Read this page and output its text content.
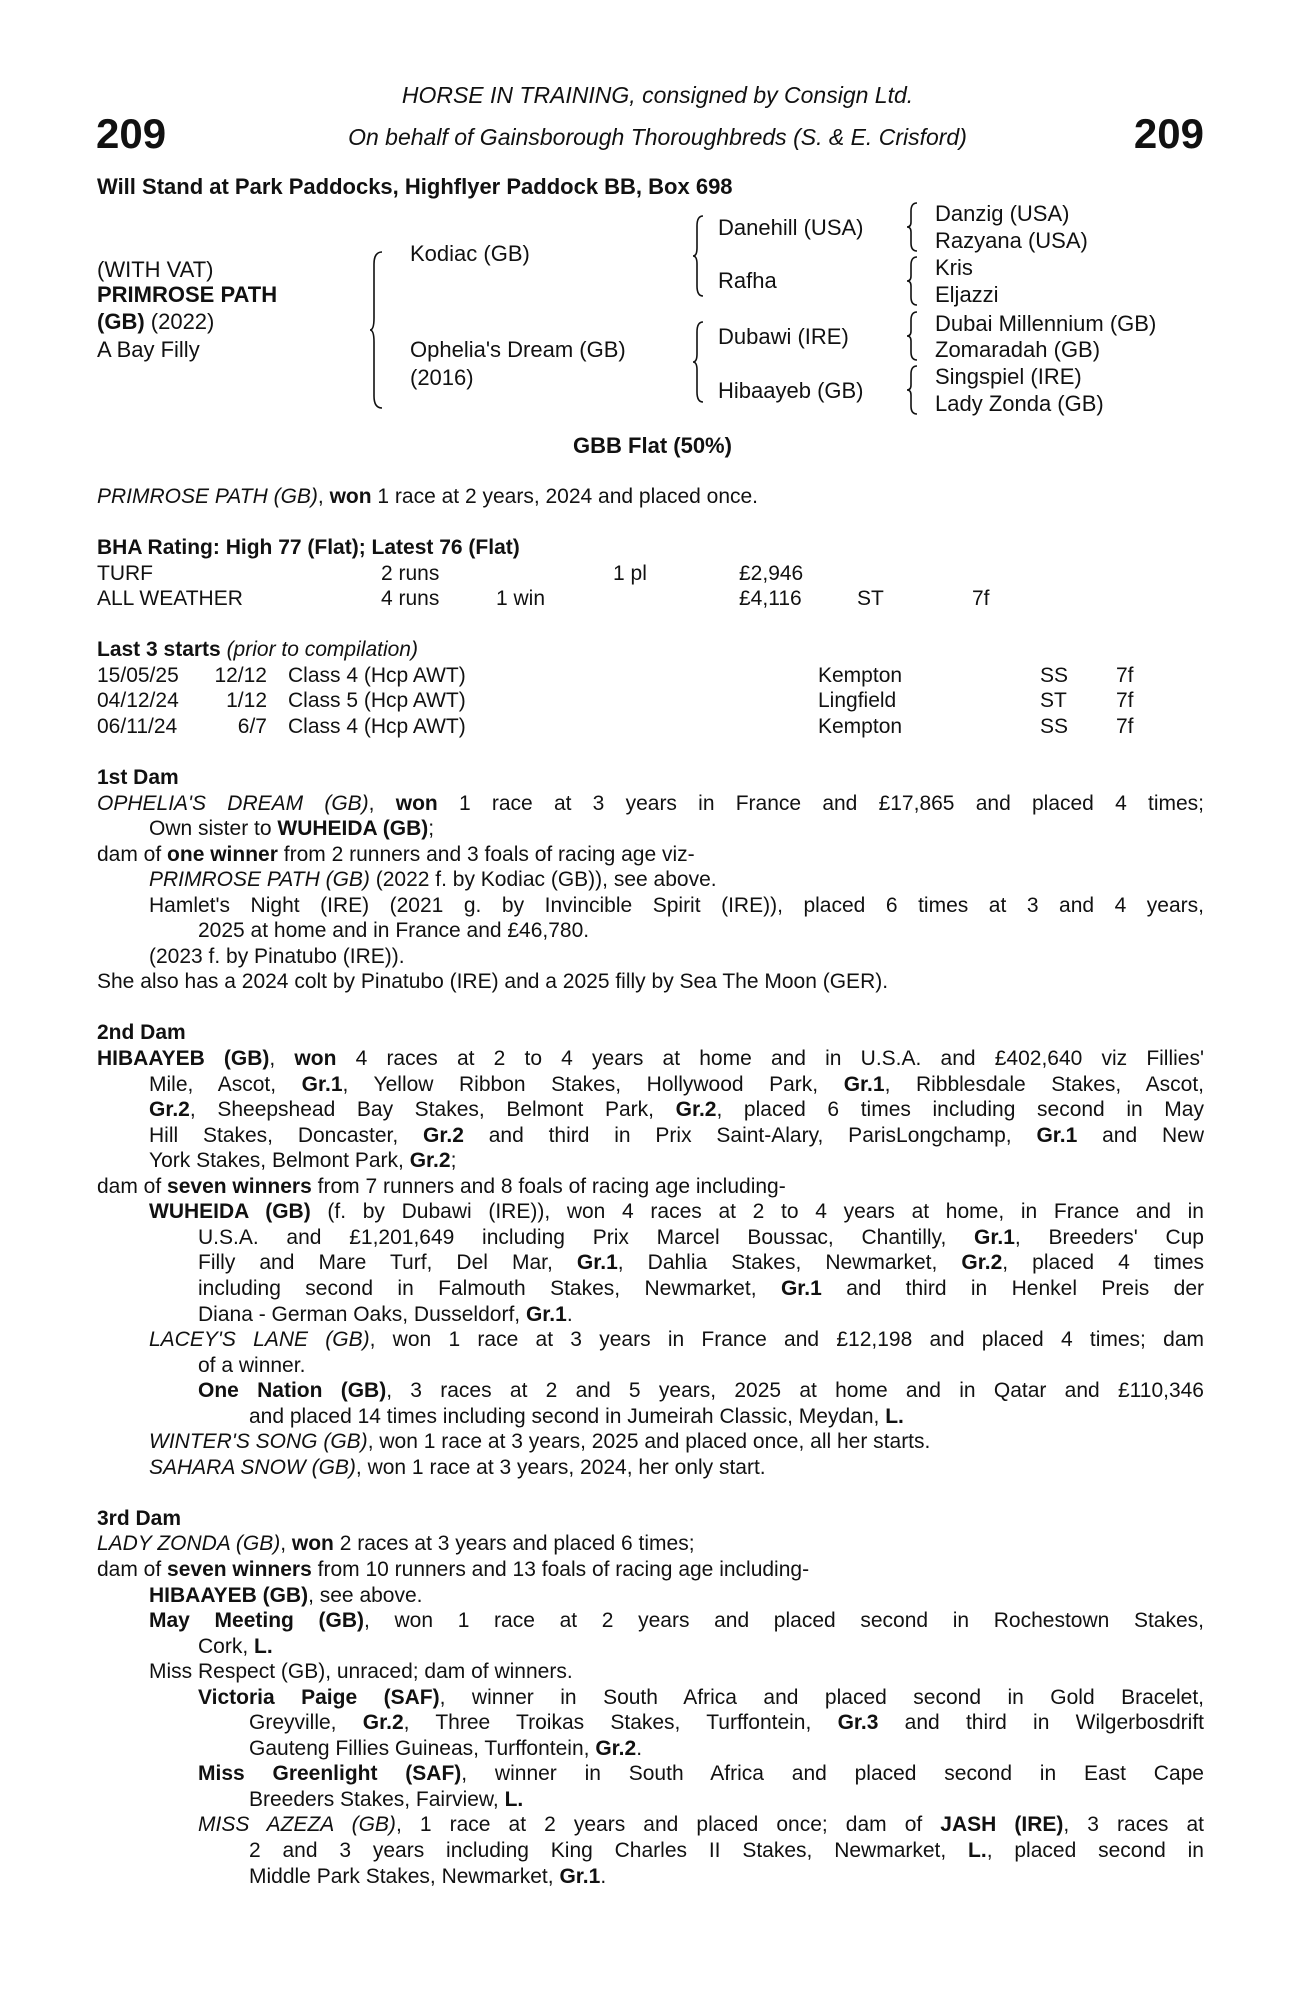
HORSE IN TRAINING, consigned by Consign Ltd.
On behalf of Gainsborough Thoroughbreds (S. & E. Crisford)
209	209
Will Stand at Park Paddocks, Highflyer Paddock BB, Box 698
(WITH VAT)
PRIMROSE PATH
(GB) (2022)
A Bay Filly
Kodiac (GB)
Ophelia's Dream (GB)
(2016)
Danehill (USA)
Rafha
Dubawi (IRE)
Hibaayeb (GB)
Danzig (USA)
Razyana (USA)
Kris
Eljazzi
Dubai Millennium (GB)
Zomaradah (GB)
Singspiel (IRE)
Lady Zonda (GB)
GBB Flat (50%)
PRIMROSE PATH (GB), won 1 race at 2 years, 2024 and placed once.
BHA Rating: High 77 (Flat); Latest 76 (Flat)
TURF	2 runs	1 pl	£2,946
ALL WEATHER	4 runs	1 win	£4,116	ST	7f
Last 3 starts (prior to compilation)
15/05/25	12/12 Class 4 (Hcp AWT)	Kempton	SS 7f
04/12/24	1/12 Class 5 (Hcp AWT)	Lingfield	ST 7f
06/11/24	6/7 Class 4 (Hcp AWT)	Kempton	SS 7f
1st Dam
OPHELIA'S DREAM (GB), won 1 race at 3 years in France and £17,865 and placed 4 times;
Own sister to WUHEIDA (GB);
dam of one winner from 2 runners and 3 foals of racing age viz-
PRIMROSE PATH (GB) (2022 f. by Kodiac (GB)), see above.
Hamlet's Night (IRE) (2021 g. by Invincible Spirit (IRE)), placed 6 times at 3 and 4 years,
2025 at home and in France and £46,780.
(2023 f. by Pinatubo (IRE)).
She also has a 2024 colt by Pinatubo (IRE) and a 2025 filly by Sea The Moon (GER).
2nd Dam
HIBAAYEB (GB), won 4 races at 2 to 4 years at home and in U.S.A. and £402,640 viz Fillies'
Mile, Ascot, Gr.1, Yellow Ribbon Stakes, Hollywood Park, Gr.1, Ribblesdale Stakes, Ascot,
Gr.2, Sheepshead Bay Stakes, Belmont Park, Gr.2, placed 6 times including second in May
Hill Stakes, Doncaster, Gr.2 and third in Prix Saint-Alary, ParisLongchamp, Gr.1 and New
York Stakes, Belmont Park, Gr.2;
dam of seven winners from 7 runners and 8 foals of racing age including-
WUHEIDA (GB) (f. by Dubawi (IRE)), won 4 races at 2 to 4 years at home, in France and in
U.S.A. and £1,201,649 including Prix Marcel Boussac, Chantilly, Gr.1, Breeders' Cup
Filly and Mare Turf, Del Mar, Gr.1, Dahlia Stakes, Newmarket, Gr.2, placed 4 times
including second in Falmouth Stakes, Newmarket, Gr.1 and third in Henkel Preis der
Diana - German Oaks, Dusseldorf, Gr.1.
LACEY'S LANE (GB), won 1 race at 3 years in France and £12,198 and placed 4 times; dam
of a winner.
One Nation (GB), 3 races at 2 and 5 years, 2025 at home and in Qatar and £110,346
and placed 14 times including second in Jumeirah Classic, Meydan, L.
WINTER'S SONG (GB), won 1 race at 3 years, 2025 and placed once, all her starts.
SAHARA SNOW (GB), won 1 race at 3 years, 2024, her only start.
3rd Dam
LADY ZONDA (GB), won 2 races at 3 years and placed 6 times;
dam of seven winners from 10 runners and 13 foals of racing age including-
HIBAAYEB (GB), see above.
May Meeting (GB), won 1 race at 2 years and placed second in Rochestown Stakes,
Cork, L.
Miss Respect (GB), unraced; dam of winners.
Victoria Paige (SAF), winner in South Africa and placed second in Gold Bracelet,
Greyville, Gr.2, Three Troikas Stakes, Turffontein, Gr.3 and third in Wilgerbosdrift
Gauteng Fillies Guineas, Turffontein, Gr.2.
Miss Greenlight (SAF), winner in South Africa and placed second in East Cape
Breeders Stakes, Fairview, L.
MISS AZEZA (GB), 1 race at 2 years and placed once; dam of JASH (IRE), 3 races at
2 and 3 years including King Charles II Stakes, Newmarket, L., placed second in
Middle Park Stakes, Newmarket, Gr.1.
